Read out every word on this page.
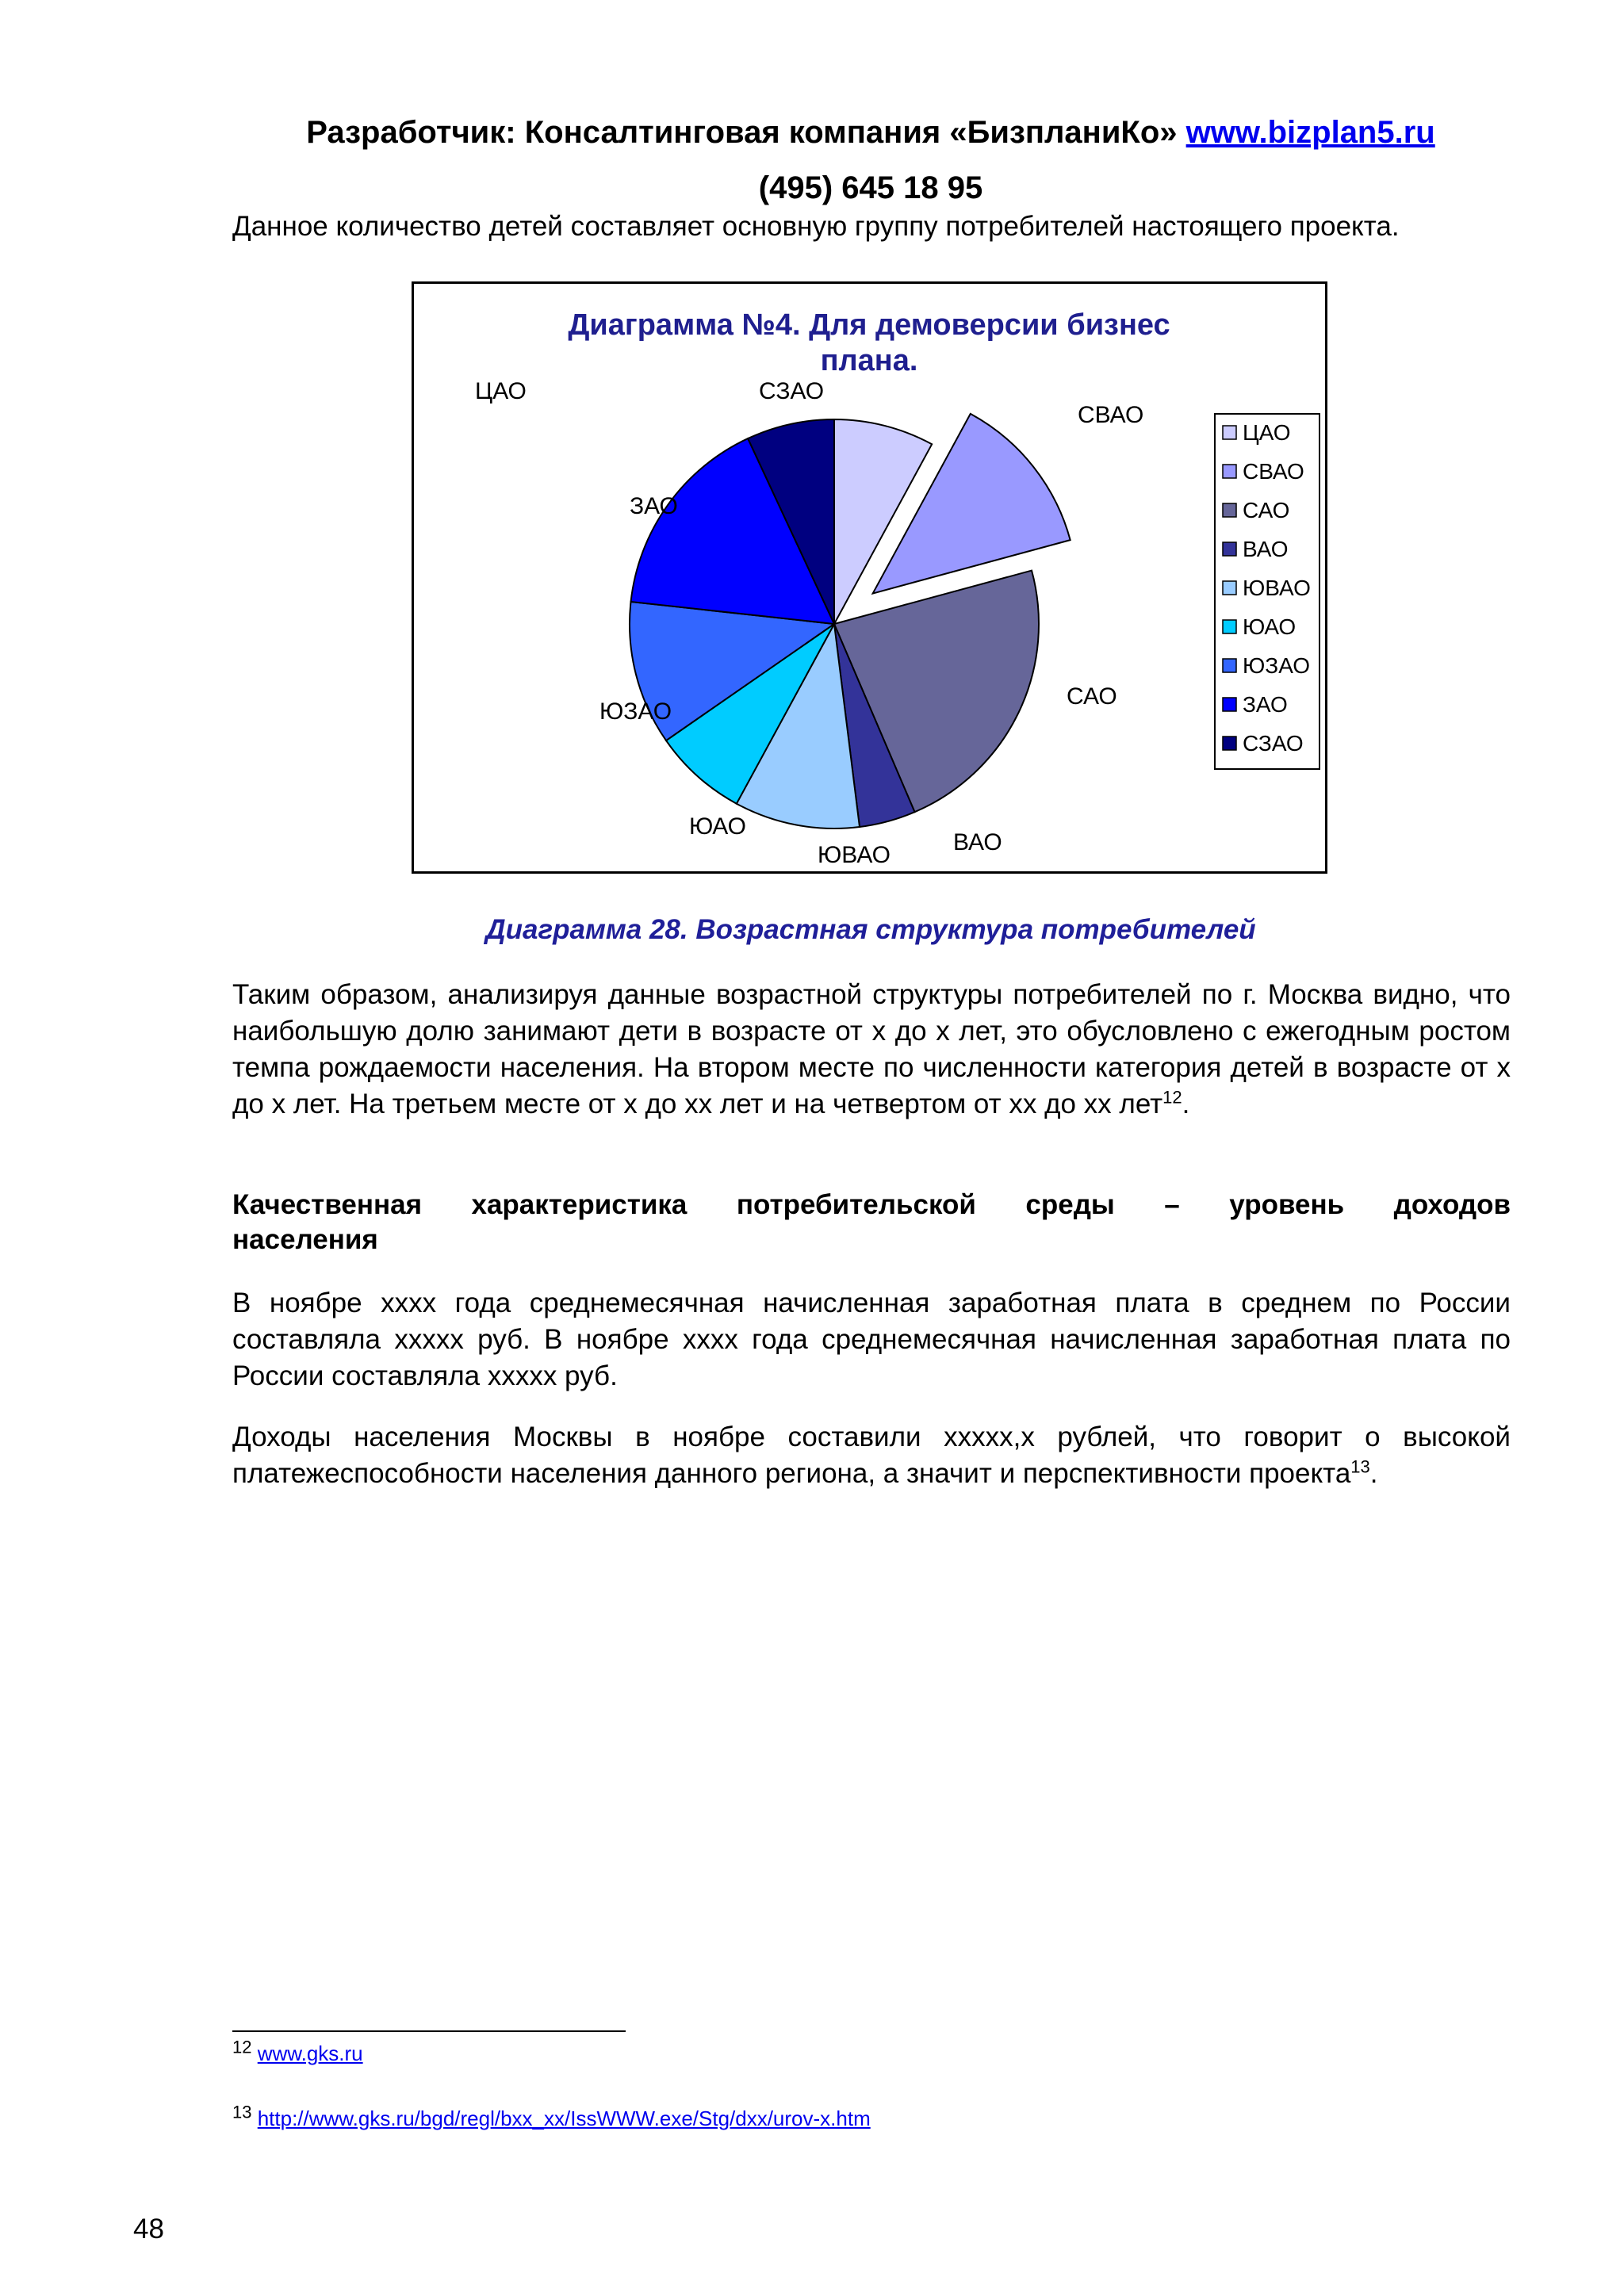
Разработчик: Консалтинговая компания «БизпланиКо» www.bizplan5.ru
(495) 645 18 95
Данное количество детей составляет основную группу потребителей настоящего проекта.
Диаграмма №4. Для демоверсии бизнес
плана.
ЦАО
СВАО
САО
ВАО
ЮВАО
ЮАО
ЮЗАО
ЗАО
СЗАО
ЦАО
СВАО
САО
ВАО
ЮВАО
ЮАО
ЮЗАО
ЗАО
СЗАО
Диаграмма 28. Возрастная структура потребителей
Таким образом, анализируя данные возрастной структуры потребителей по г. Москва видно, что наибольшую долю занимают дети в возрасте от х до х лет, это обусловлено с ежегодным ростом темпа рождаемости населения. На втором месте по численности категория детей в возрасте от х до х лет. На третьем месте от х до хх лет и на четвертом от хх до хх лет$^{12}$.
Качественная характеристика потребительской среды – уровень доходов
населения
В ноябре хххх года среднемесячная начисленная заработная плата в среднем по России составляла ххххх руб. В ноябре хххх года среднемесячная начисленная заработная плата по России составляла ххххх руб.
Доходы населения Москвы в ноябре составили ххххх,х рублей, что говорит о высокой платежеспособности населения данного региона, а значит и перспективности проекта$^{13}$.
$^{12}$ www.gks.ru
$^{13}$ http://www.gks.ru/bgd/regl/bxx_xx/IssWWW.exe/Stg/dxx/urov-x.htm
48
